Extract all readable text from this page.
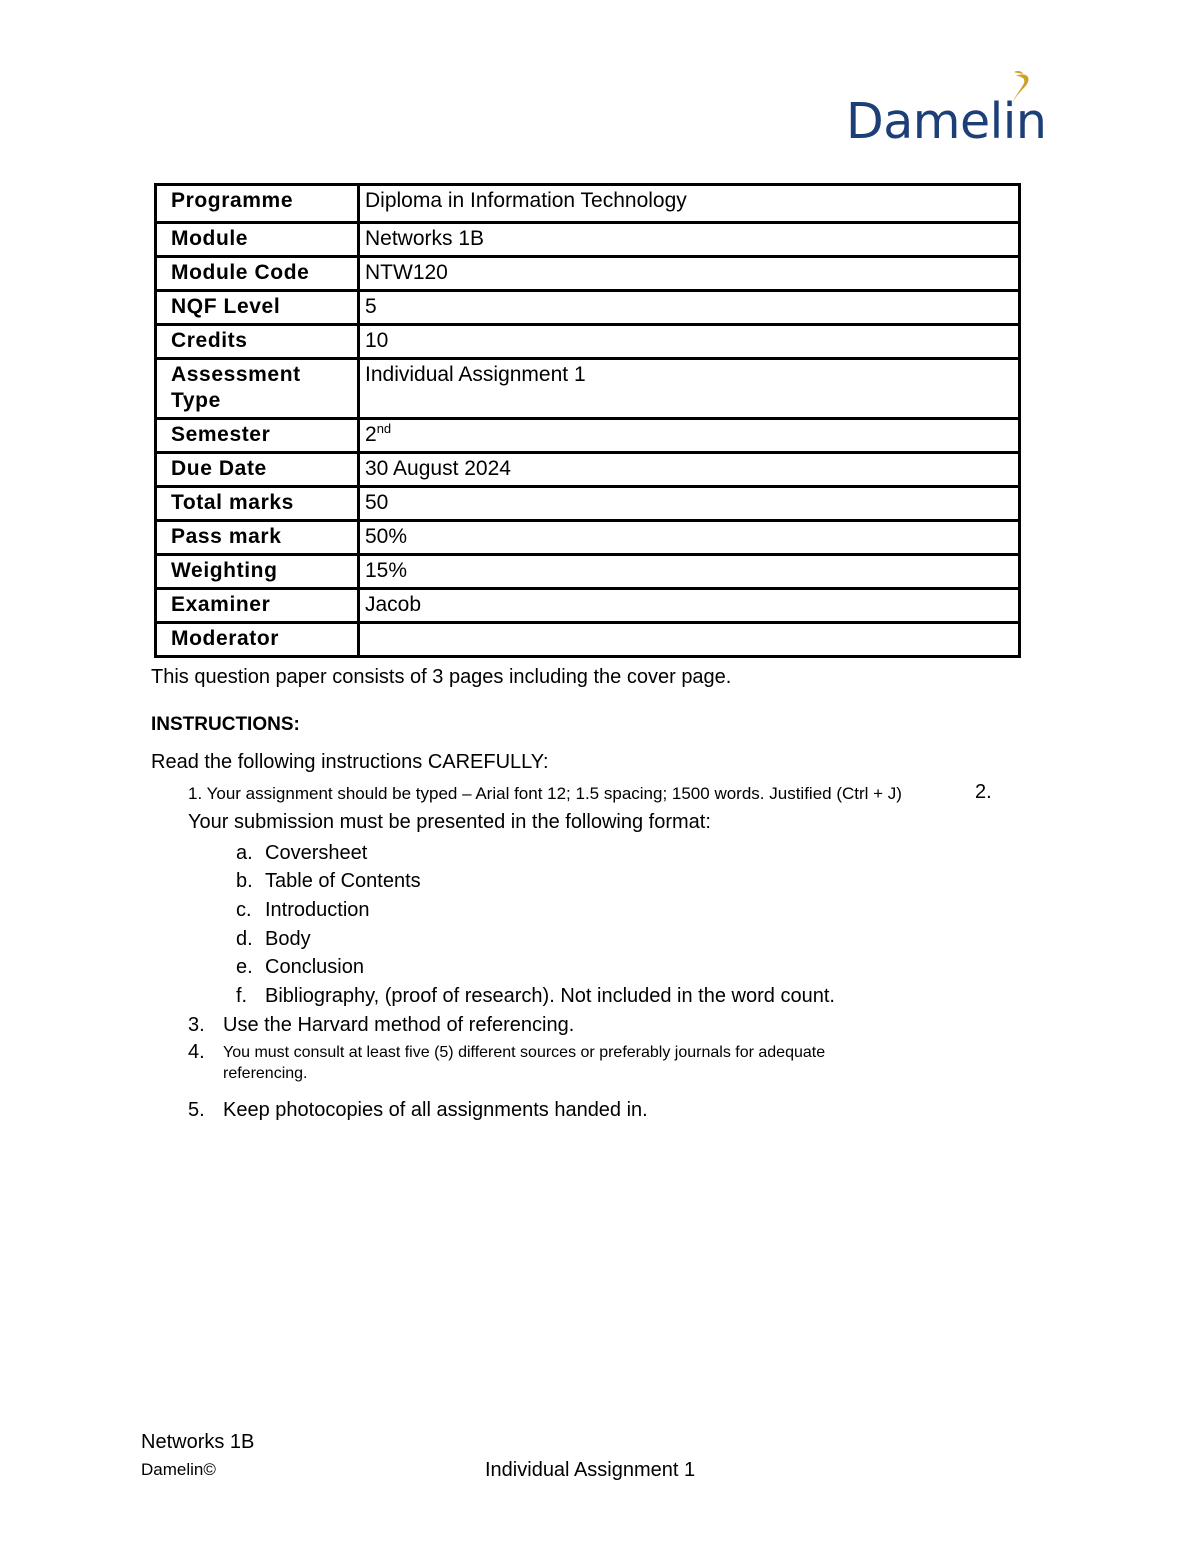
Damelin
Programme	Diploma in Information Technology
Module	Networks 1B
Module Code	NTW120
NQF Level	5
Credits	10
Assessment Type	Individual Assignment 1
Semester	2nd
Due Date	30 August 2024
Total marks	50
Pass mark	50%
Weighting	15%
Examiner	Jacob
Moderator	
This question paper consists of 3 pages including the cover page.
INSTRUCTIONS:
Read the following instructions CAREFULLY:
1. Your assignment should be typed – Arial font 12; 1.5 spacing; 1500 words. Justified (Ctrl + J)	2.
Your submission must be presented in the following format:
a. Coversheet
b. Table of Contents
c. Introduction
d. Body
e. Conclusion
f. Bibliography, (proof of research). Not included in the word count.
3. Use the Harvard method of referencing.
4. You must consult at least five (5) different sources or preferably journals for adequate
referencing.
5. Keep photocopies of all assignments handed in.
Networks 1B
Damelin©	Individual Assignment 1
